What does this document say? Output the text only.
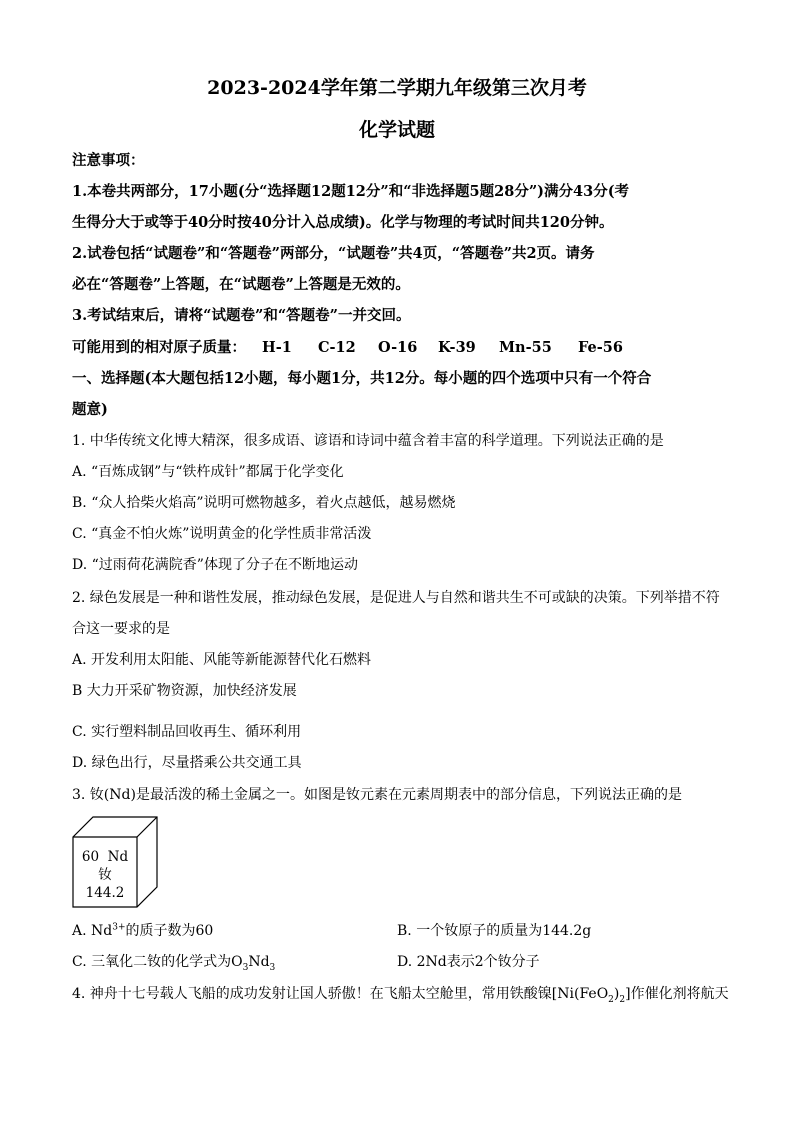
2023-2024学年第二学期九年级第三次月考
化学试题
注意事项：
1.本卷共两部分，17小题(分“选择题12题12分”和“非选择题5题28分”)满分43分(考
生得分大于或等于40分时按40分计入总成绩)。化学与物理的考试时间共120分钟。
2.试卷包括“试题卷”和“答题卷”两部分，“试题卷”共4页，“答题卷”共2页。请务
必在“答题卷”上答题，在“试题卷”上答题是无效的。
3.考试结束后，请将“试题卷”和“答题卷”一并交回。
可能用到的相对原子质量： H-1 C-12 O-16 K-39 Mn-55 Fe-56
一、选择题(本大题包括12小题，每小题1分，共12分。每小题的四个选项中只有一个符合
题意)
1. 中华传统文化博大精深，很多成语、谚语和诗词中蕴含着丰富的科学道理。下列说法正确的是
A. “百炼成钢”与“铁杵成针”都属于化学变化
B. “众人拾柴火焰高”说明可燃物越多，着火点越低，越易燃烧
C. “真金不怕火炼”说明黄金的化学性质非常活泼
D. “过雨荷花满院香”体现了分子在不断地运动
2. 绿色发展是一种和谐性发展，推动绿色发展，是促进人与自然和谐共生不可或缺的决策。下列举措不符
合这一要求的是
A. 开发利用太阳能、风能等新能源替代化石燃料
B 大力开采矿物资源，加快经济发展
C. 实行塑料制品回收再生、循环利用
D. 绿色出行，尽量搭乘公共交通工具
3. 钕(Nd)是最活泼的稀土金属之一。如图是钕元素在元素周期表中的部分信息，下列说法正确的是
60 Nd
钕
144.2
A. $Nd^{3+}$的质子数为60	B. 一个钕原子的质量为144.2g
C. 三氧化二钕的化学式为$O_3Nd_3$	D. 2Nd表示2个钕分子
4. 神舟十七号载人飞船的成功发射让国人骄傲！在飞船太空舱里，常用铁酸镍$[Ni(FeO_2)_2]$作催化剂将航天
